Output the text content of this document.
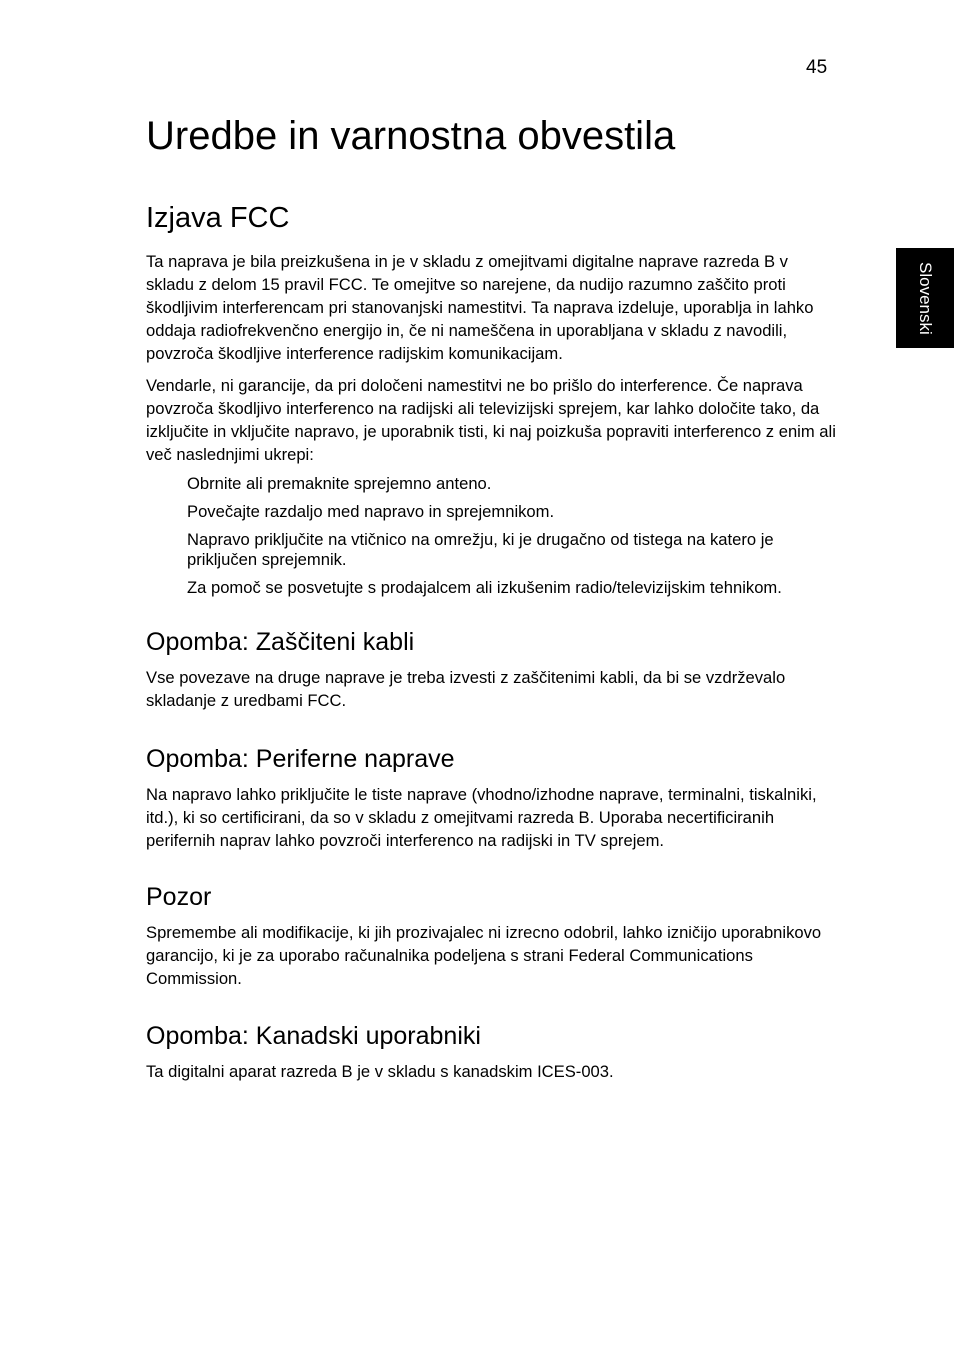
45
Slovenski
Uredbe in varnostna obvestila
Izjava FCC

Ta naprava je bila preizkušena in je v skladu z omejitvami digitalne naprave razreda B v skladu z delom 15 pravil FCC. Te omejitve so narejene, da nudijo razumno zaščito proti škodljivim interferencam pri stanovanjski namestitvi. Ta naprava izdeluje, uporablja in lahko oddaja radiofrekvenčno energijo in, če ni nameščena in uporabljana v skladu z navodili, povzroča škodljive interference radijskim komunikacijam.

Vendarle, ni garancije, da pri določeni namestitvi ne bo prišlo do interference. Če naprava povzroča škodljivo interferenco na radijski ali televizijski sprejem, kar lahko določite tako, da izključite in vključite napravo, je uporabnik tisti, ki naj poizkuša popraviti interferenco z enim ali več naslednjimi ukrepi:

Obrnite ali premaknite sprejemno anteno.
Povečajte razdaljo med napravo in sprejemnikom.
Napravo priključite na vtičnico na omrežju, ki je drugačno od tistega na katero je priključen sprejemnik.
Za pomoč se posvetujte s prodajalcem ali izkušenim radio/televizijskim tehnikom.
Opomba: Zaščiteni kabli

Vse povezave na druge naprave je treba izvesti z zaščitenimi kabli, da bi se vzdrževalo skladanje z uredbami FCC.

Opomba: Periferne naprave

Na napravo lahko priključite le tiste naprave (vhodno/izhodne naprave, terminalni, tiskalniki, itd.), ki so certificirani, da so v skladu z omejitvami razreda B. Uporaba necertificiranih perifernih naprav lahko povzroči interferenco na radijski in TV sprejem.

Pozor

Spremembe ali modifikacije, ki jih prozivajalec ni izrecno odobril, lahko izničijo uporabnikovo garancijo, ki je za uporabo računalnika podeljena s strani Federal Communications Commission.

Opomba: Kanadski uporabniki

Ta digitalni aparat razreda B je v skladu s kanadskim ICES-003.
